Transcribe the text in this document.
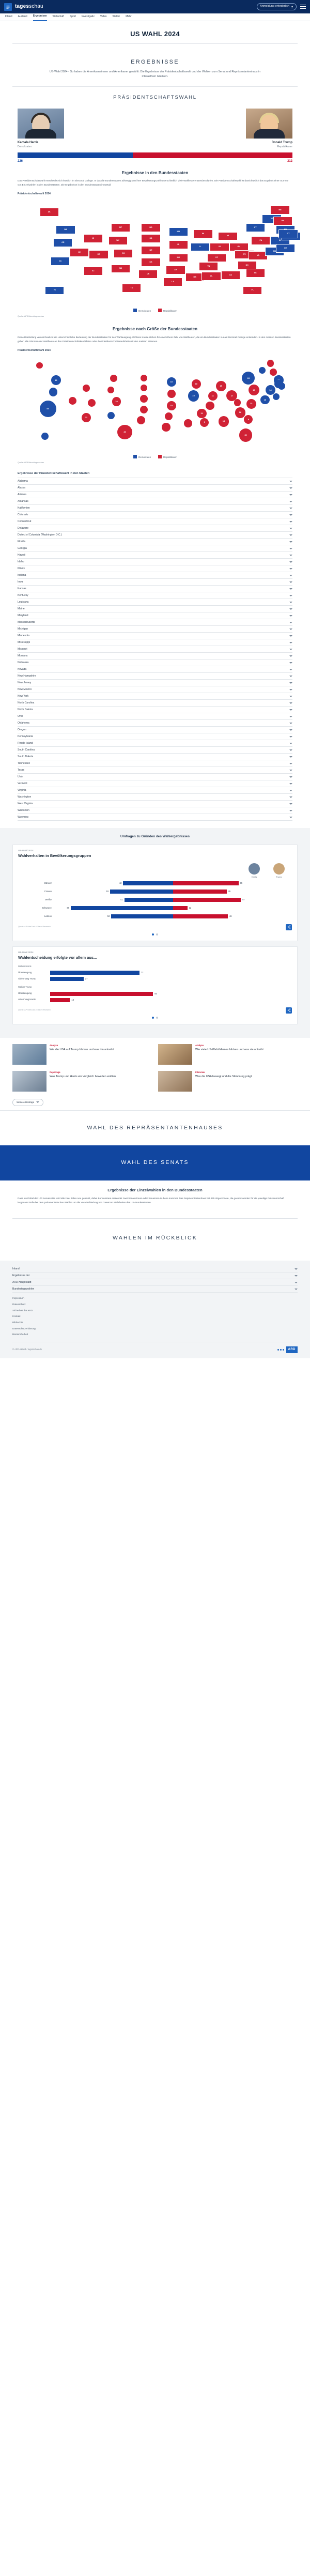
tagesschau	Anmeldung erforderlich
Inland Ausland Ergebnisse Wirtschaft Sport Investigativ Video Wetter Mehr
US WAHL 2024
ERGEBNISSE
US-Wahl 2024 - So haben die Amerikanerinnen und Amerikaner gewählt: Die Ergebnisse der Präsidentschaftswahl und der Wahlen zum Senat und Repräsentantenhaus in interaktiven Grafiken.
PRÄSIDENTSCHAFTSWAHL
Kamala Harris
Demokraten
Donald Trump
Republikaner
226	312
Ergebnisse in den Bundesstaaten

Das Präsidentschaftswahl entscheidet sich letztlich im Electoral College. In das die Bundesstaaten abhängig von ihrer Bevölkerungszahl unterschiedlich viele Wahlleute entsenden dürfen. Die Präsidentschaftswahl ist damit letztlich das Ergebnis einer Summe von Einzelwahlen in den Bundesstaaten. Die Ergebnisse in den Bundesstaaten im Detail:

Präsidentschaftswahl 2024
AK
ME
WA
ID
MT	ND
MN
WI
MI
NY
VT
NH
OR
NV
WY
SD
IA
IL	IN	OH
PA	NJ
CA
UT
CO
NE
MO	KY
WV
VA
MD
DE
CT
AZ
NM
KS
AR
TN
NC
OK
LA
MS
AL
GA
SC
TX
FL
HI
Demokraten	Republikaner
Quelle: AP/Edison/tagesschau
Ergebnisse nach Größe der Bundesstaaten

Diese Darstellung veranschaulicht die unterschiedliche Bedeutung der Bundesstaaten für den Wahlausgang. Größere Kreise stehen für eine höhere Zahl von Wahlleuten, die ein Bundesstaaten in das Electoral College entsenden. In den meisten Bundesstaaten gehen alle Stimmen der Wahlleute an den Präsidentschaftskandidaten oder die Präsidentschaftskandidatin mit den meisten Stimmen.

Präsidentschaftswahl 2024
12
54
11
10
40
10
10
10
19
15
11
11
9
17
16
28
19
13
16
9
30
14
10
Demokraten	Republikaner
Quelle: AP/Edison/tagesschau
Ergebnisse der Präsidentschaftswahl in den Staaten
Alabama
Alaska
Arizona
Arkansas
Kalifornien
Colorado
Connecticut
Delaware
District of Columbia (Washington D.C.)
Florida
Georgia
Hawaii
Idaho
Illinois
Indiana
Iowa
Kansas
Kentucky
Louisiana
Maine
Maryland
Massachusetts
Michigan
Minnesota
Mississippi
Missouri
Montana
Nebraska
Nevada
New Hampshire
New Jersey
New Mexico
New York
North Carolina
North Dakota
Ohio
Oklahoma
Oregon
Pennsylvania
Rhode Island
South Carolina
South Dakota
Tennessee
Texas
Utah
Vermont
Virginia
Washington
West Virginia
Wisconsin
Wyoming
Umfragen zu Gründen des Wahlergebnisses
US-Wahl 2024
Wahlverhalten in Bevölkerungsgruppen
Harris	Trump
Männer	42	55
Frauen	53	45
Weiße	41	57
Schwarze	86	12
Latinos	52	46
Quelle: AP VoteCast / Edison Research
US-Wahl 2024
Wahlentscheidung erfolgte vor allem aus...
Wähler Harris
Überzeugung	72
Ablehnung Trump	27
Wähler Trump
Überzeugung	83
Ablehnung Harris	16
Quelle: AP VoteCast / Edison Research
Analyse
Wie die USA auf Trump blicken und was ihn antreibt
Analyse
Wie viele US-Wahl-Memes blicken und was sie antreibt
Reportage
Was Trump und Harris ein Vergleich bewerten wollten
Interview
Was die USA bewegt und die Stimmung prägt
Weitere Beiträge
WAHL DES REPRÄSENTANTENHAUSES
WAHL DES SENATS
Ergebnisse der Einzelwahlen in den Bundesstaaten

Dass ein Drittel der 100 Senatssitze wird alle zwei Jahre neu gewählt, dabei Bundesstaat entsendet zwei Senatorinnen oder Senatoren in diese Kammer. Das Repräsentantenhaus hat 435 Abgeordnete, die gesamt werden für die jeweilige Präsidentschaft insgesamt Rolle bei dem parlamentarischen Wahlen um die Verabschiedung von Gesetzen Mehrheiten des US-Bundesstaaten.

WAHLEN IM RÜCKBLICK
Inland
Ergebnisse der
ARD-Hauptstadt
Bundestagswahlen
Impressum
Datenschutz
Sicherheit der ARD
Kontakt
Bildrechte
Datenschutzerklärung
Barrierefreiheit
© ARD-aktuell / tagesschau.de	ARD
